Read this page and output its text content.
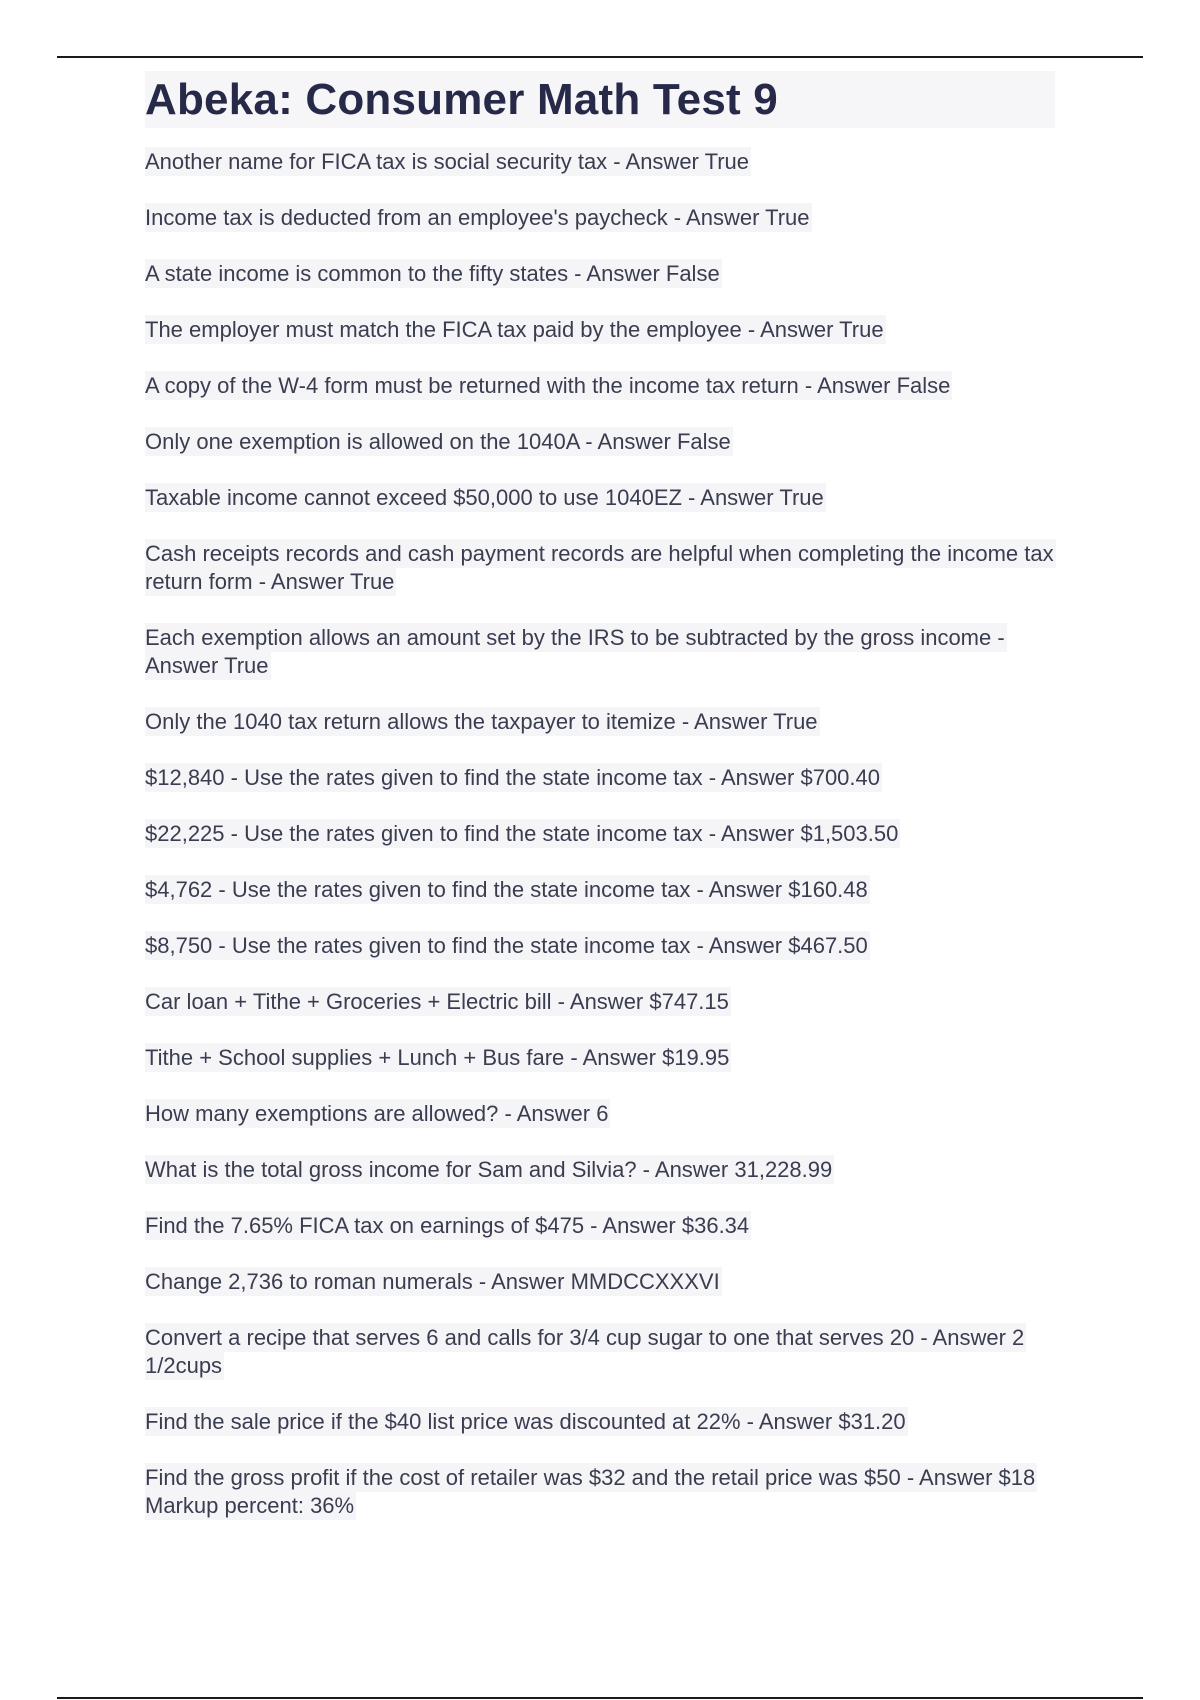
Abeka: Consumer Math Test 9
Another name for FICA tax is social security tax - Answer True
Income tax is deducted from an employee's paycheck - Answer True
A state income is common to the fifty states - Answer False
The employer must match the FICA tax paid by the employee - Answer True
A copy of the W-4 form must be returned with the income tax return - Answer False
Only one exemption is allowed on the 1040A - Answer False
Taxable income cannot exceed $50,000 to use 1040EZ - Answer True
Cash receipts records and cash payment records are helpful when completing the income tax return form - Answer True
Each exemption allows an amount set by the IRS to be subtracted by the gross income - Answer True
Only the 1040 tax return allows the taxpayer to itemize - Answer True
$12,840 - Use the rates given to find the state income tax - Answer $700.40
$22,225 - Use the rates given to find the state income tax - Answer $1,503.50
$4,762 - Use the rates given to find the state income tax - Answer $160.48
$8,750 - Use the rates given to find the state income tax - Answer $467.50
Car loan + Tithe + Groceries + Electric bill - Answer $747.15
Tithe + School supplies + Lunch + Bus fare - Answer $19.95
How many exemptions are allowed? - Answer 6
What is the total gross income for Sam and Silvia? - Answer 31,228.99
Find the 7.65% FICA tax on earnings of $475 - Answer $36.34
Change 2,736 to roman numerals - Answer MMDCCXXXVI
Convert a recipe that serves 6 and calls for 3/4 cup sugar to one that serves 20 - Answer 2 1/2cups
Find the sale price if the $40 list price was discounted at 22% - Answer $31.20
Find the gross profit if the cost of retailer was $32 and the retail price was $50 - Answer $18
Markup percent: 36%
